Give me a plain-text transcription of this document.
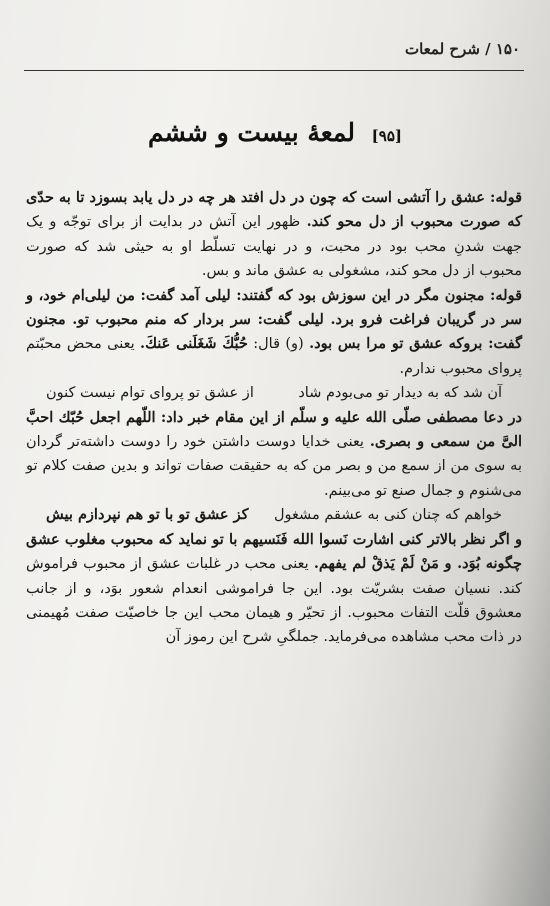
۱۵۰ / شرح لمعات
[۹۵] لمعهٔ بیست و ششم

قوله: عشق را آتشی است که چون در دل افتد هر چه در دل یابد بسوزد تا به حدّی که صورت محبوب از دل محو کند. ظهور این آتش در بدایت از برای توجّه و یک جهت شدنِ محب بود در محبت، و در نهایت تسلّط او به حیثی شد که صورت محبوب از دل محو کند، مشغولی به عشق ماند و بس.

قوله: مجنون مگر در این سوزش بود که گفتند: لیلی آمد گفت: من لیلی‌ام خود، و سر در گریبان فراغت فرو برد. لیلی گفت: سر بردار که منم محبوب تو. مجنون گفت: بروکه عشق تو مرا بس بود. (و) قال: حُبُّكَ شَغَلَنی عَنكَ. یعنی محض محبّتم پروای محبوب ندارم.

آن شد که به دیدار تو می‌بودم شاد
از عشق تو پروای توام نیست کنون

در دعا مصطفی صلّی الله علیه و سلّم از این مقام خبر داد: اللّهم اجعل حُبّك احبَّ الیَّ من سمعی و بصری. یعنی خدایا دوست داشتن خود را دوست داشته‌تر گردان به سوی من از سمع من و بصر من که به حقیقت صفات تواند و بدین صفت کلام تو می‌شنوم و جمال صنع تو می‌بینم.

خواهم که چنان کنی به عشقم مشغول
کز عشق تو با تو هم نپردازم بیش

و اگر نظر بالاتر کنی اشارت نَسوا الله فَنَسیهم با تو نماید که محبوب مغلوب عشق چگونه بُوَد. و مَنْ لَمْ یَذقْ لم یفهم. یعنی محب در غلبات عشق از محبوب فراموش کند. نسیان صفت بشریّت بود. این جا فراموشی انعدام شعور بوَد، و از جانب معشوق قلّت التفات محبوب. از تحیّر و هیمان محب این جا خاصیّت صفت مُهیمنی در ذات محب مشاهده می‌فرماید. جملگیِ شرح این رموز آن
